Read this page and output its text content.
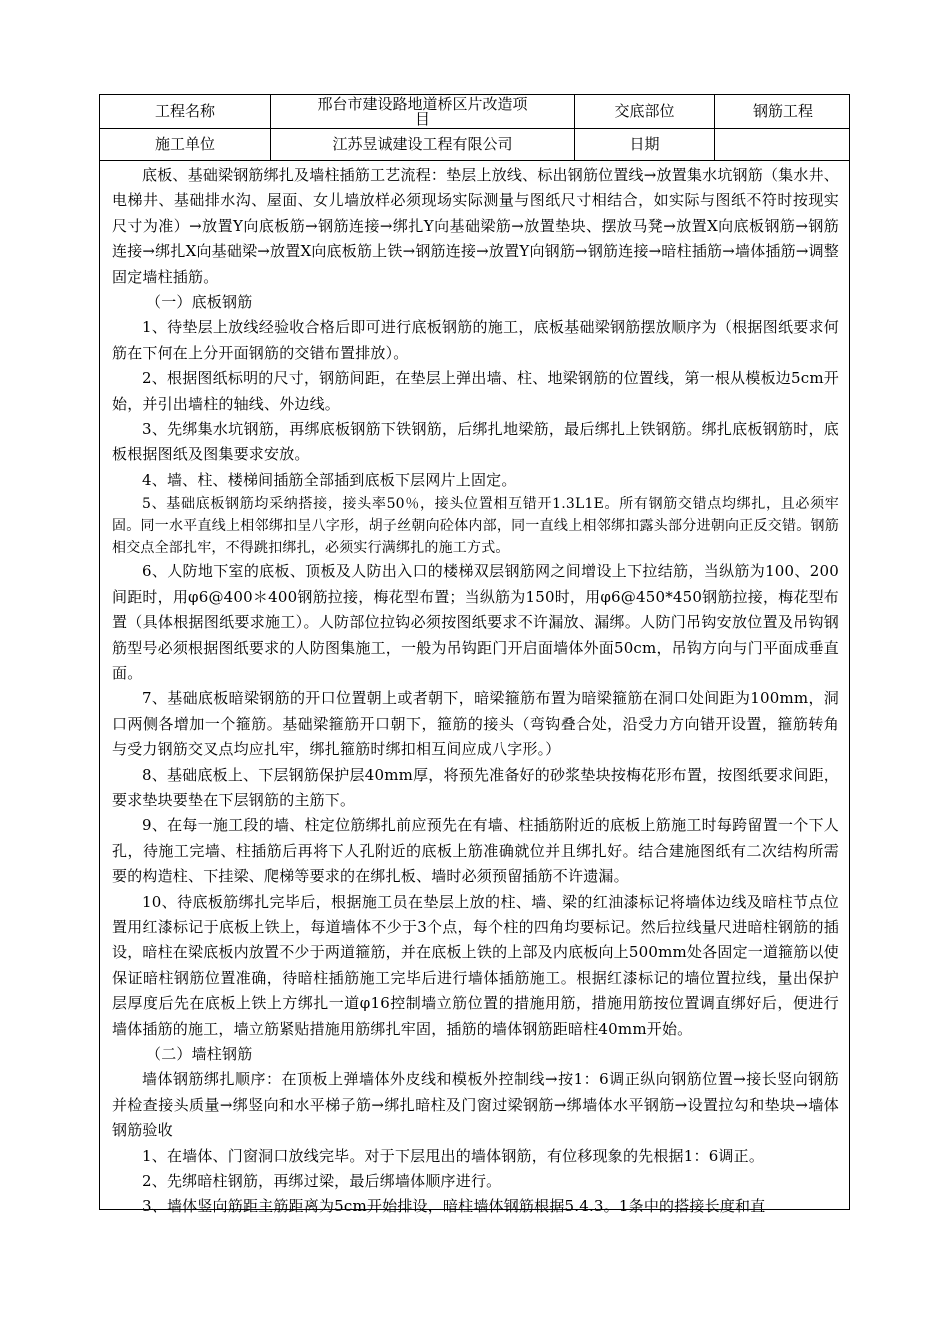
工程名称	邢台市建设路地道桥区片改造项目	交底部位	钢筋工程
施工单位	江苏昱诚建设工程有限公司	日期

底板、基础梁钢筋绑扎及墙柱插筋工艺流程：垫层上放线、标出钢筋位置线→放置集水坑钢筋（集水井、电梯井、基础排水沟、屋面、女儿墙放样必须现场实际测量与图纸尺寸相结合，如实际与图纸不符时按现实尺寸为准）→放置Y向底板筋→钢筋连接→绑扎Y向基础梁筋→放置垫块、摆放马凳→放置X向底板钢筋→钢筋连接→绑扎X向基础梁→放置X向底板筋上铁→钢筋连接→放置Y向钢筋→钢筋连接→暗柱插筋→墙体插筋→调整固定墙柱插筋。

（一）底板钢筋

1、待垫层上放线经验收合格后即可进行底板钢筋的施工，底板基础梁钢筋摆放顺序为（根据图纸要求何筋在下何在上分开面钢筋的交错布置排放）。

2、根据图纸标明的尺寸，钢筋间距，在垫层上弹出墙、柱、地梁钢筋的位置线，第一根从模板边5cm开始，并引出墙柱的轴线、外边线。

3、先绑集水坑钢筋，再绑底板钢筋下铁钢筋，后绑扎地梁筋，最后绑扎上铁钢筋。绑扎底板钢筋时，底板根据图纸及图集要求安放。

4、墙、柱、楼梯间插筋全部插到底板下层网片上固定。

5、基础底板钢筋均采纳搭接，接头率50％，接头位置相互错开1.3L1E。所有钢筋交错点均绑扎，且必须牢固。同一水平直线上相邻绑扣呈八字形，胡子丝朝向砼体内部，同一直线上相邻绑扣露头部分进朝向正反交错。钢筋相交点全部扎牢，不得跳扣绑扎，必须实行满绑扎的施工方式。

6、人防地下室的底板、顶板及人防出入口的楼梯双层钢筋网之间增设上下拉结筋，当纵筋为100、200间距时，用φ6@400＊400钢筋拉接，梅花型布置；当纵筋为150时，用φ6@450*450钢筋拉接，梅花型布置（具体根据图纸要求施工）。人防部位拉钩必须按图纸要求不许漏放、漏绑。人防门吊钩安放位置及吊钩钢筋型号必须根据图纸要求的人防图集施工，一般为吊钩距门开启面墙体外面50cm，吊钩方向与门平面成垂直面。

7、基础底板暗梁钢筋的开口位置朝上或者朝下，暗梁箍筋布置为暗梁箍筋在洞口处间距为100mm，洞口两侧各增加一个箍筋。基础梁箍筋开口朝下，箍筋的接头（弯钩叠合处，沿受力方向错开设置，箍筋转角与受力钢筋交叉点均应扎牢，绑扎箍筋时绑扣相互间应成八字形。）

8、基础底板上、下层钢筋保护层40mm厚，将预先准备好的砂浆垫块按梅花形布置，按图纸要求间距，要求垫块要垫在下层钢筋的主筋下。

9、在每一施工段的墙、柱定位筋绑扎前应预先在有墙、柱插筋附近的底板上筋施工时每跨留置一个下人孔，待施工完墙、柱插筋后再将下人孔附近的底板上筋准确就位并且绑扎好。结合建施图纸有二次结构所需要的构造柱、下挂梁、爬梯等要求的在绑扎板、墙时必须预留插筋不许遗漏。

10、待底板筋绑扎完毕后，根据施工员在垫层上放的柱、墙、梁的红油漆标记将墙体边线及暗柱节点位置用红漆标记于底板上铁上，每道墙体不少于3个点，每个柱的四角均要标记。然后拉线量尺进暗柱钢筋的插设，暗柱在梁底板内放置不少于两道箍筋，并在底板上铁的上部及内底板向上500mm处各固定一道箍筋以使保证暗柱钢筋位置准确，待暗柱插筋施工完毕后进行墙体插筋施工。根据红漆标记的墙位置拉线，量出保护层厚度后先在底板上铁上方绑扎一道φ16控制墙立筋位置的措施用筋，措施用筋按位置调直绑好后，便进行墙体插筋的施工，墙立筋紧贴措施用筋绑扎牢固，插筋的墙体钢筋距暗柱40mm开始。

（二）墙柱钢筋

墙体钢筋绑扎顺序：在顶板上弹墙体外皮线和模板外控制线→按1：6调正纵向钢筋位置→接长竖向钢筋并检查接头质量→绑竖向和水平梯子筋→绑扎暗柱及门窗过梁钢筋→绑墙体水平钢筋→设置拉勾和垫块→墙体钢筋验收

1、在墙体、门窗洞口放线完毕。对于下层甩出的墙体钢筋，有位移现象的先根据1：6调正。

2、先绑暗柱钢筋，再绑过梁，最后绑墙体顺序进行。

3、墙体竖向筋距主筋距离为5cm开始排设，暗柱墙体钢筋根据5.4.3。1条中的搭接长度和直
